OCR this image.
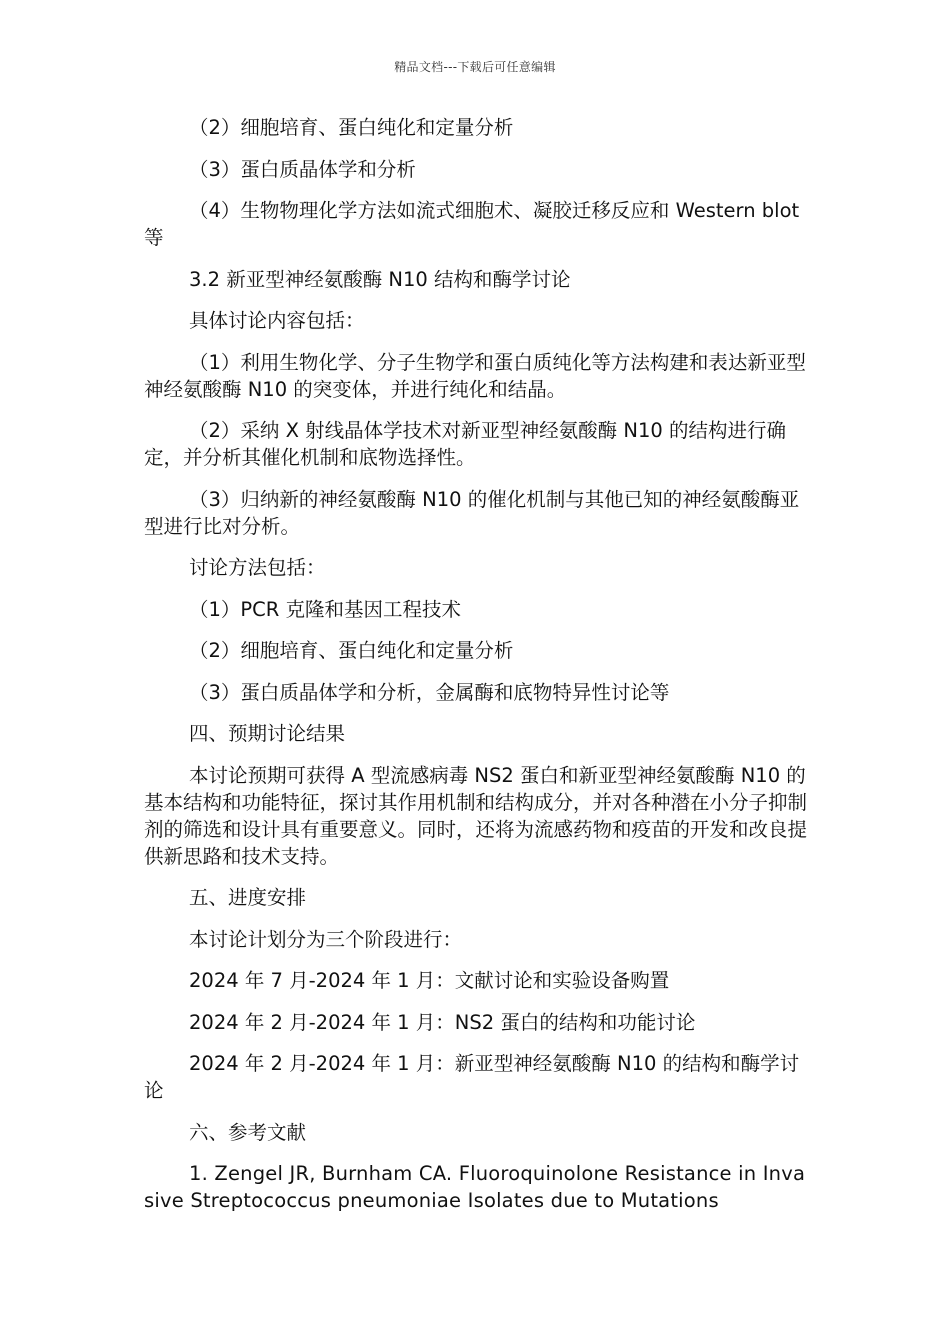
精品文档---下载后可任意编辑

（2）细胞培育、蛋白纯化和定量分析

（3）蛋白质晶体学和分析

（4）生物物理化学方法如流式细胞术、凝胶迁移反应和 Western blot 等

3.2 新亚型神经氨酸酶 N10 结构和酶学讨论

具体讨论内容包括：

（1）利用生物化学、分子生物学和蛋白质纯化等方法构建和表达新亚型神经氨酸酶 N10 的突变体，并进行纯化和结晶。

（2）采纳 X 射线晶体学技术对新亚型神经氨酸酶 N10 的结构进行确定，并分析其催化机制和底物选择性。

（3）归纳新的神经氨酸酶 N10 的催化机制与其他已知的神经氨酸酶亚型进行比对分析。

讨论方法包括：

（1）PCR 克隆和基因工程技术

（2）细胞培育、蛋白纯化和定量分析

（3）蛋白质晶体学和分析，金属酶和底物特异性讨论等

四、预期讨论结果

本讨论预期可获得 A 型流感病毒 NS2 蛋白和新亚型神经氨酸酶 N10 的基本结构和功能特征，探讨其作用机制和结构成分，并对各种潜在小分子抑制剂的筛选和设计具有重要意义。同时，还将为流感药物和疫苗的开发和改良提供新思路和技术支持。

五、进度安排

本讨论计划分为三个阶段进行：

2024 年 7 月-2024 年 1 月：文献讨论和实验设备购置

2024 年 2 月-2024 年 1 月：NS2 蛋白的结构和功能讨论

2024 年 2 月-2024 年 1 月：新亚型神经氨酸酶 N10 的结构和酶学讨论

六、参考文献

1. Zengel JR, Burnham CA. Fluoroquinolone Resistance in Invasive Streptococcus pneumoniae Isolates due to Mutations
